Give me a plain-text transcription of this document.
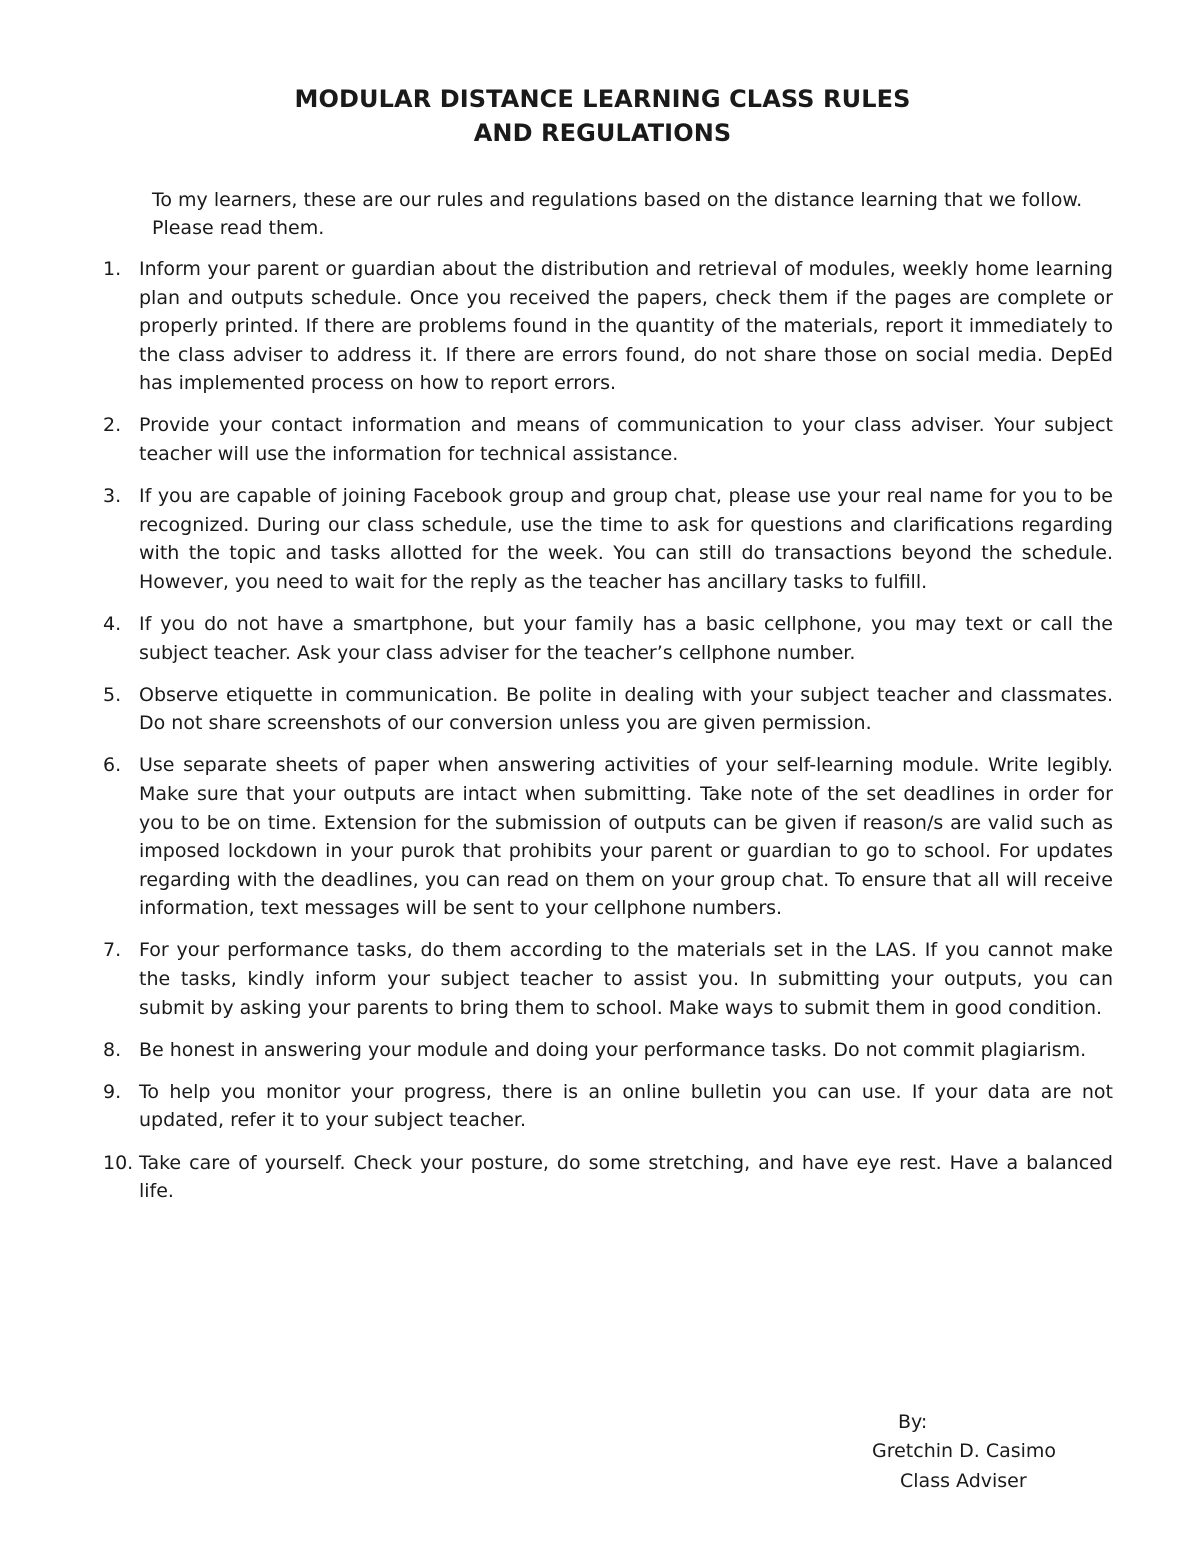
MODULAR DISTANCE LEARNING CLASS RULES
AND REGULATIONS

To my learners, these are our rules and regulations based on the distance learning that we follow. Please read them.

1. Inform your parent or guardian about the distribution and retrieval of modules, weekly home learning plan and outputs schedule. Once you received the papers, check them if the pages are complete or properly printed. If there are problems found in the quantity of the materials, report it immediately to the class adviser to address it. If there are errors found, do not share those on social media. DepEd has implemented process on how to report errors.
2. Provide your contact information and means of communication to your class adviser. Your subject teacher will use the information for technical assistance.
3. If you are capable of joining Facebook group and group chat, please use your real name for you to be recognized. During our class schedule, use the time to ask for questions and clarifications regarding with the topic and tasks allotted for the week. You can still do transactions beyond the schedule. However, you need to wait for the reply as the teacher has ancillary tasks to fulfill.
4. If you do not have a smartphone, but your family has a basic cellphone, you may text or call the subject teacher. Ask your class adviser for the teacher’s cellphone number.
5. Observe etiquette in communication. Be polite in dealing with your subject teacher and classmates. Do not share screenshots of our conversion unless you are given permission.
6. Use separate sheets of paper when answering activities of your self-learning module. Write legibly. Make sure that your outputs are intact when submitting. Take note of the set deadlines in order for you to be on time. Extension for the submission of outputs can be given if reason/s are valid such as imposed lockdown in your purok that prohibits your parent or guardian to go to school. For updates regarding with the deadlines, you can read on them on your group chat. To ensure that all will receive information, text messages will be sent to your cellphone numbers.
7. For your performance tasks, do them according to the materials set in the LAS. If you cannot make the tasks, kindly inform your subject teacher to assist you. In submitting your outputs, you can submit by asking your parents to bring them to school. Make ways to submit them in good condition.
8. Be honest in answering your module and doing your performance tasks. Do not commit plagiarism.
9. To help you monitor your progress, there is an online bulletin you can use. If your data are not updated, refer it to your subject teacher.
10. Take care of yourself. Check your posture, do some stretching, and have eye rest. Have a balanced life.
By:
Gretchin D. Casimo
Class Adviser
